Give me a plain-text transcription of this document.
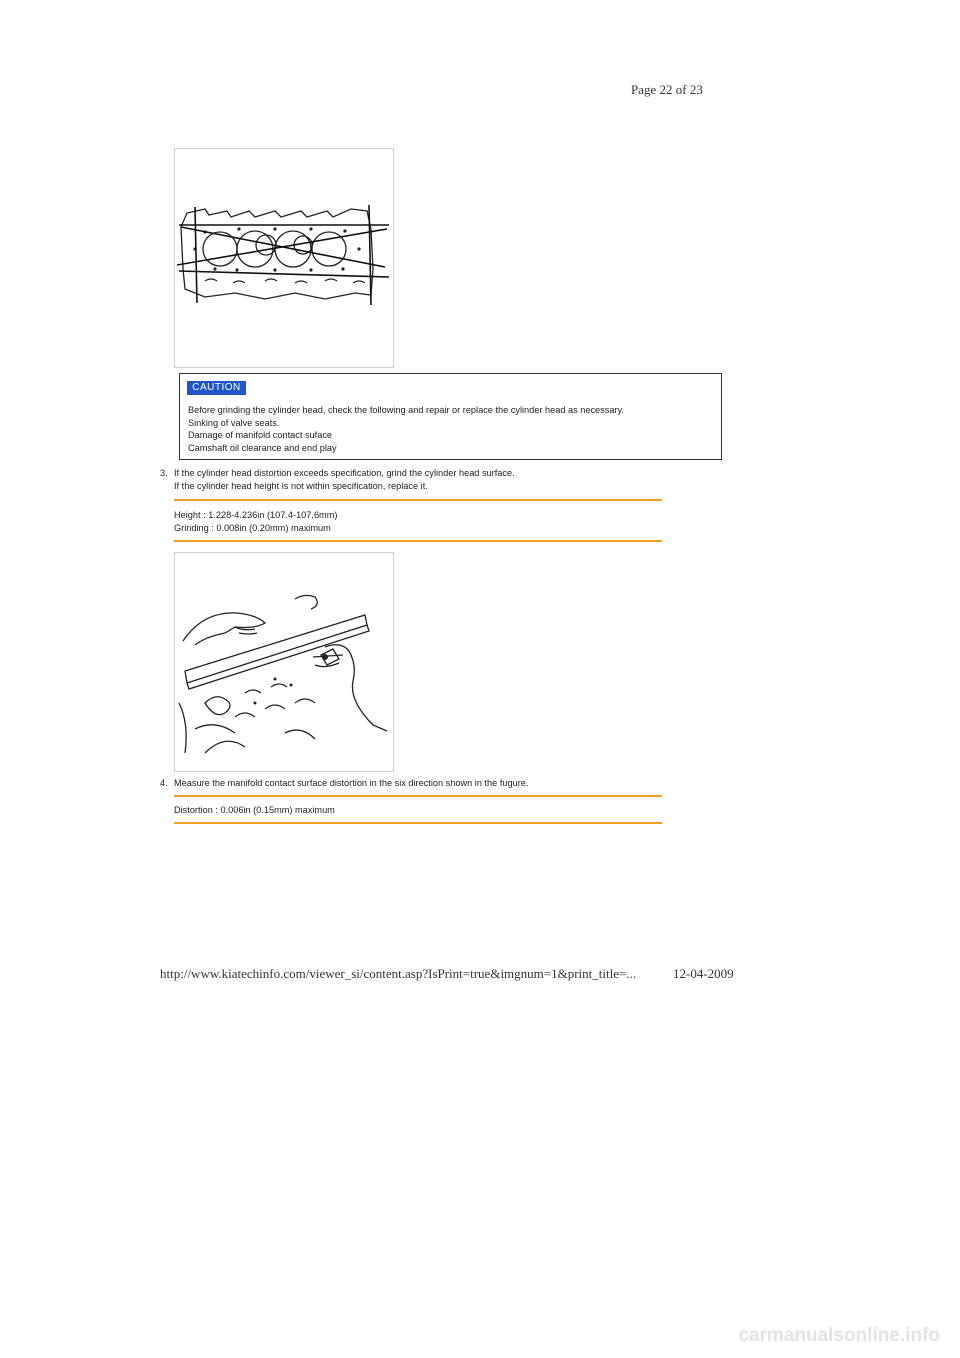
Page 22 of 23
CAUTION
Before grinding the cylinder head, check the following and repair or replace the cylinder head as necessary.
Sinking of valve seats.
Damage of manifold contact suface
Camshaft oil clearance and end play
3. If the cylinder head distortion exceeds specification, grind the cylinder head surface.
If the cylinder head height is not within specification, replace it.
Height : 1.228-4.236in (107.4-107.6mm)
Grinding : 0.008in (0.20mm) maximum
4. Measure the manifold contact surface distortion in the six direction shown in the fugure.
Distortion : 0.006in (0.15mm) maximum
http://www.kiatechinfo.com/viewer_si/content.asp?IsPrint=true&imgnum=1&print_title=...	12-04-2009
carmanualsonline.info
